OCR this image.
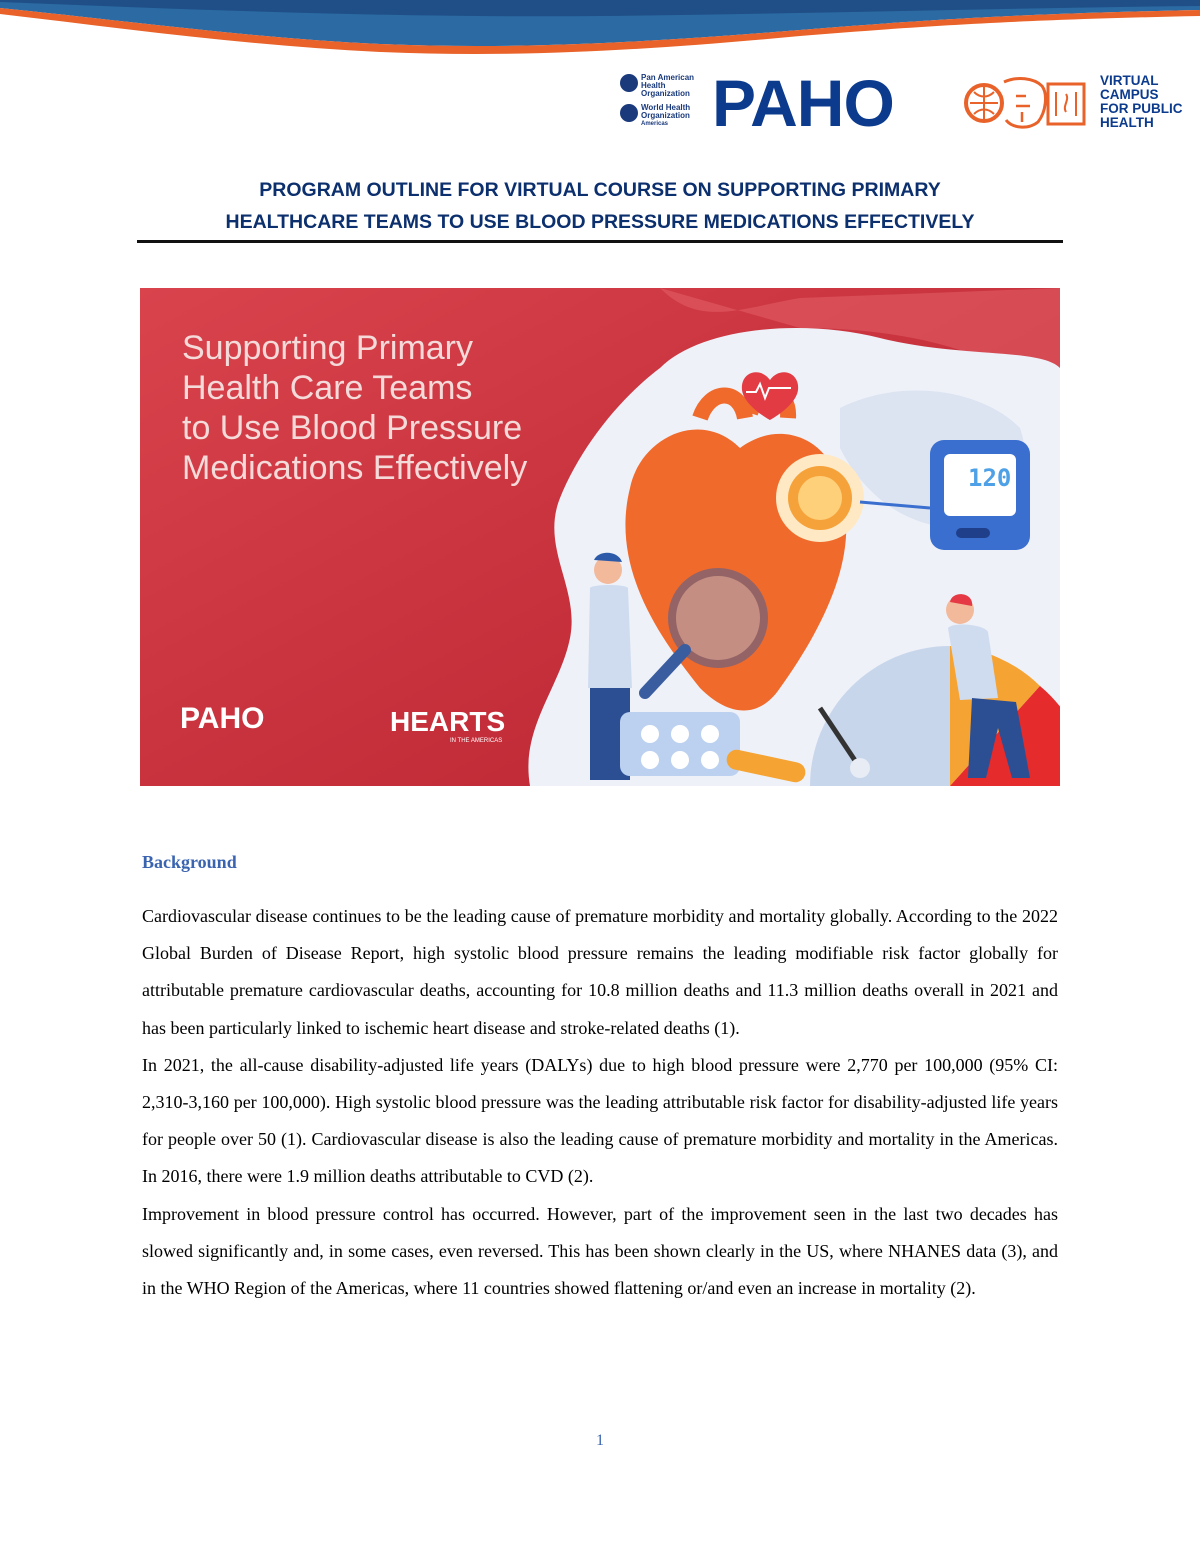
Pan American
Health
Organization
World Health
Organization
Americas PAHO	VIRTUAL
CAMPUS
FOR PUBLIC
HEALTH
PROGRAM OUTLINE FOR VIRTUAL COURSE ON SUPPORTING PRIMARY
HEALTHCARE TEAMS TO USE BLOOD PRESSURE MEDICATIONS EFFECTIVELY
Supporting Primary
Health Care Teams
to Use Blood Pressure
Medications Effectively	120
PAHO	HEARTS
IN THE AMERICAS
Background

Cardiovascular disease continues to be the leading cause of premature morbidity and mortality globally. According to the 2022 Global Burden of Disease Report, high systolic blood pressure remains the leading modifiable risk factor globally for attributable premature cardiovascular deaths, accounting for 10.8 million deaths and 11.3 million deaths overall in 2021 and has been particularly linked to ischemic heart disease and stroke-related deaths (1).

In 2021, the all-cause disability-adjusted life years (DALYs) due to high blood pressure were 2,770 per 100,000 (95% CI: 2,310-3,160 per 100,000). High systolic blood pressure was the leading attributable risk factor for disability-adjusted life years for people over 50 (1). Cardiovascular disease is also the leading cause of premature morbidity and mortality in the Americas. In 2016, there were 1.9 million deaths attributable to CVD (2).

Improvement in blood pressure control has occurred. However, part of the improvement seen in the last two decades has slowed significantly and, in some cases, even reversed. This has been shown clearly in the US, where NHANES data (3), and in the WHO Region of the Americas, where 11 countries showed flattening or/and even an increase in mortality (2).

1
